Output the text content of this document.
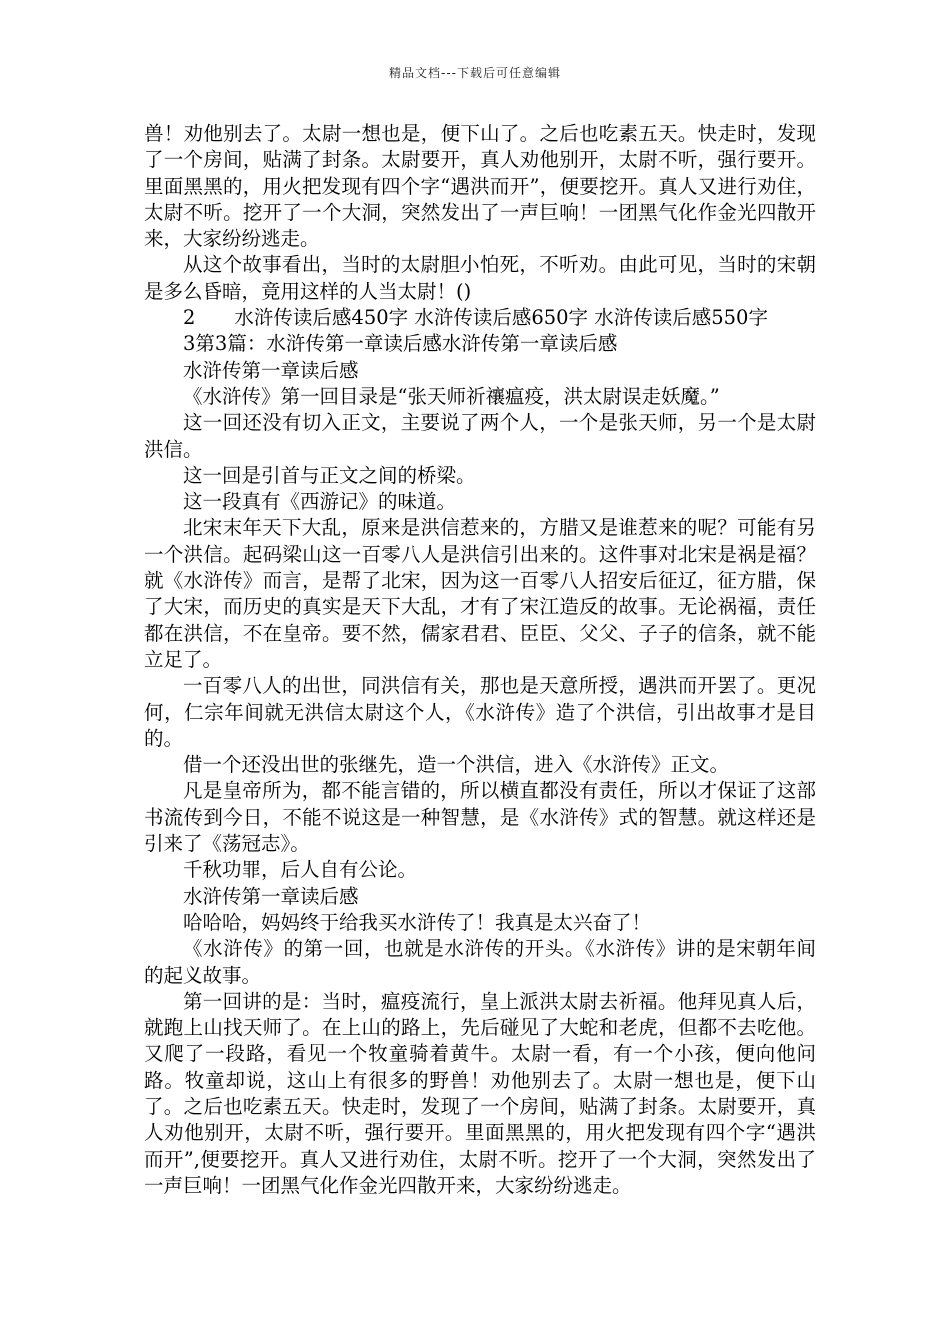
精品文档---下载后可任意编辑

兽！劝他别去了。太尉一想也是，便下山了。之后也吃素五天。快走时，发现了一个房间，贴满了封条。太尉要开，真人劝他别开，太尉不听，强行要开。里面黑黑的，用火把发现有四个字“遇洪而开”，便要挖开。真人又进行劝住，太尉不听。挖开了一个大洞，突然发出了一声巨响！一团黑气化作金光四散开来，大家纷纷逃走。

从这个故事看出，当时的太尉胆小怕死，不听劝。由此可见，当时的宋朝是多么昏暗，竟用这样的人当太尉！()

2　　水浒传读后感450字 水浒传读后感650字 水浒传读后感550字

3第3篇：水浒传第一章读后感水浒传第一章读后感

水浒传第一章读后感

《水浒传》第一回目录是“张天师祈禳瘟疫，洪太尉误走妖魔。”

这一回还没有切入正文，主要说了两个人，一个是张天师，另一个是太尉洪信。

这一回是引首与正文之间的桥梁。

这一段真有《西游记》的味道。

北宋末年天下大乱，原来是洪信惹来的，方腊又是谁惹来的呢？可能有另一个洪信。起码梁山这一百零八人是洪信引出来的。这件事对北宋是祸是福？就《水浒传》而言，是帮了北宋，因为这一百零八人招安后征辽，征方腊，保了大宋，而历史的真实是天下大乱，才有了宋江造反的故事。无论祸福，责任都在洪信，不在皇帝。要不然，儒家君君、臣臣、父父、子子的信条，就不能立足了。

一百零八人的出世，同洪信有关，那也是天意所授，遇洪而开罢了。更况何，仁宗年间就无洪信太尉这个人，《水浒传》造了个洪信，引出故事才是目的。

借一个还没出世的张继先，造一个洪信，进入《水浒传》正文。

凡是皇帝所为，都不能言错的，所以横直都没有责任，所以才保证了这部书流传到今日，不能不说这是一种智慧，是《水浒传》式的智慧。就这样还是引来了《荡冠志》。

千秋功罪，后人自有公论。

水浒传第一章读后感

哈哈哈，妈妈终于给我买水浒传了！我真是太兴奋了！

《水浒传》的第一回，也就是水浒传的开头。《水浒传》讲的是宋朝年间的起义故事。

第一回讲的是：当时，瘟疫流行，皇上派洪太尉去祈福。他拜见真人后，就跑上山找天师了。在上山的路上，先后碰见了大蛇和老虎，但都不去吃他。又爬了一段路，看见一个牧童骑着黄牛。太尉一看，有一个小孩，便向他问路。牧童却说，这山上有很多的野兽！劝他别去了。太尉一想也是，便下山了。之后也吃素五天。快走时，发现了一个房间，贴满了封条。太尉要开，真人劝他别开，太尉不听，强行要开。里面黑黑的，用火把发现有四个字“遇洪而开”,便要挖开。真人又进行劝住，太尉不听。挖开了一个大洞，突然发出了一声巨响！一团黑气化作金光四散开来，大家纷纷逃走。
